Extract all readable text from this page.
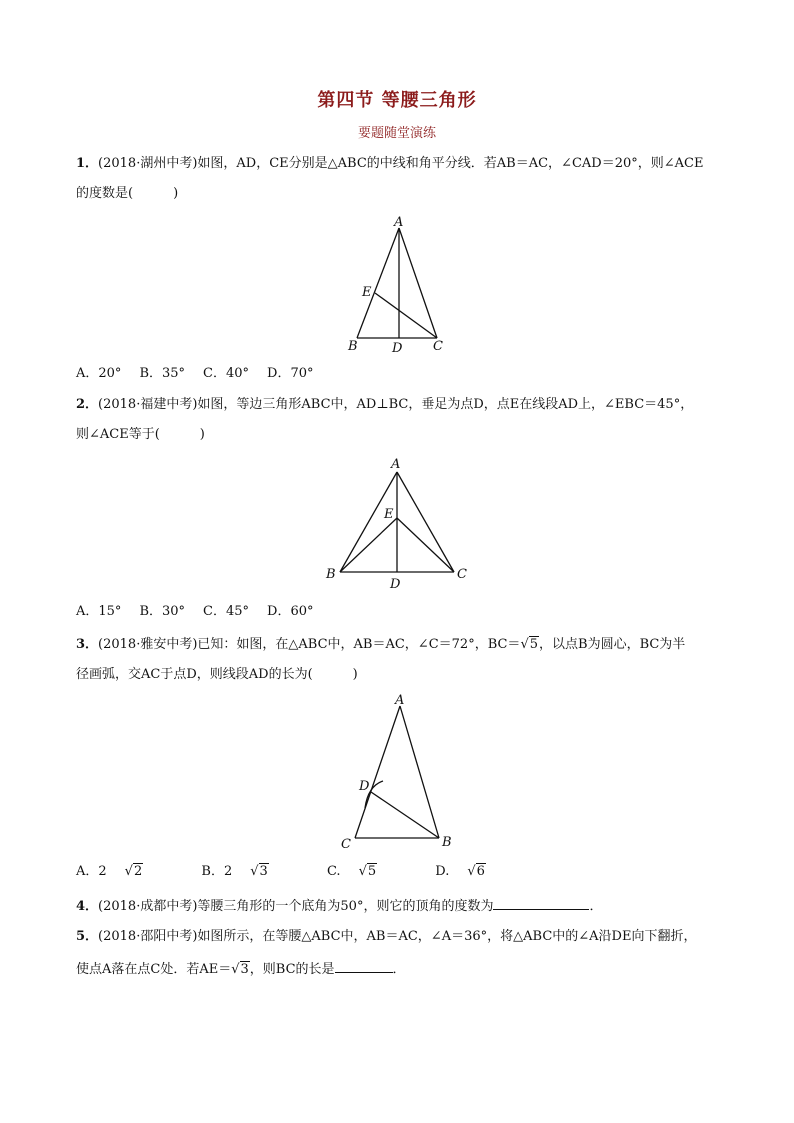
第四节 等腰三角形
要题随堂演练
1．(2018·湖州中考)如图，AD，CE分别是△ABC的中线和角平分线．若AB＝AC，∠CAD＝20°，则∠ACE
的度数是(	)
A
E
B	D C
A．20° B．35° C．40° D．70°
2．(2018·福建中考)如图，等边三角形ABC中，AD⊥BC，垂足为点D，点E在线段AD上，∠EBC＝45°，
则∠ACE等于(	)
A
E
B
D
C
A．15° B．30° C．45° D．60°
3．(2018·雅安中考)已知：如图，在△ABC中，AB＝AC，∠C＝72°，BC＝√5，以点B为圆心，BC为半
径画弧，交AC于点D，则线段AD的长为(	)
A
D
C	B
A．2 √2	B．2 √3	C. √5	D. √6
4．(2018·成都中考)等腰三角形的一个底角为50°，则它的顶角的度数为	．
5．(2018·邵阳中考)如图所示，在等腰△ABC中，AB＝AC，∠A＝36°，将△ABC中的∠A沿DE向下翻折，
使点A落在点C处．若AE＝√3，则BC的长是	．
